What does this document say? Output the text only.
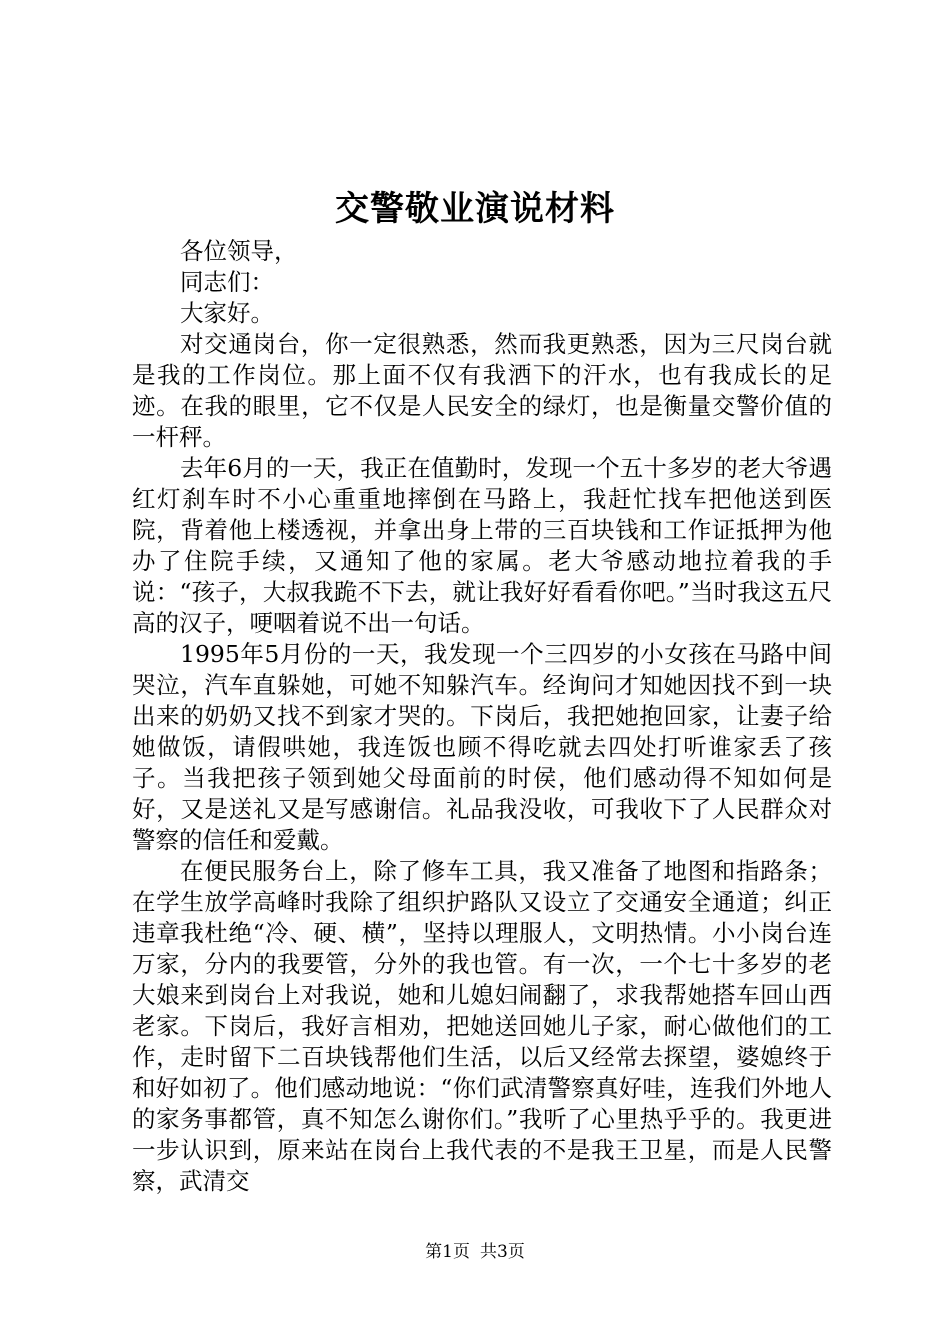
交警敬业演说材料

各位领导，

同志们：

大家好。

对交通岗台，你一定很熟悉，然而我更熟悉，因为三尺岗台就是我的工作岗位。那上面不仅有我洒下的汗水，也有我成长的足迹。在我的眼里，它不仅是人民安全的绿灯，也是衡量交警价值的一杆秤。

去年6月的一天，我正在值勤时，发现一个五十多岁的老大爷遇红灯刹车时不小心重重地摔倒在马路上，我赶忙找车把他送到医院，背着他上楼透视，并拿出身上带的三百块钱和工作证抵押为他办了住院手续，又通知了他的家属。老大爷感动地拉着我的手说：“孩子，大叔我跪不下去，就让我好好看看你吧。”当时我这五尺高的汉子，哽咽着说不出一句话。

1995年5月份的一天，我发现一个三四岁的小女孩在马路中间哭泣，汽车直躲她，可她不知躲汽车。经询问才知她因找不到一块出来的奶奶又找不到家才哭的。下岗后，我把她抱回家，让妻子给她做饭，请假哄她，我连饭也顾不得吃就去四处打听谁家丢了孩子。当我把孩子领到她父母面前的时侯，他们感动得不知如何是好，又是送礼又是写感谢信。礼品我没收，可我收下了人民群众对警察的信任和爱戴。

在便民服务台上，除了修车工具，我又准备了地图和指路条；在学生放学高峰时我除了组织护路队又设立了交通安全通道；纠正违章我杜绝“冷、硬、横”，坚持以理服人，文明热情。小小岗台连万家，分内的我要管，分外的我也管。有一次，一个七十多岁的老大娘来到岗台上对我说，她和儿媳妇闹翻了，求我帮她搭车回山西老家。下岗后，我好言相劝，把她送回她儿子家，耐心做他们的工作，走时留下二百块钱帮他们生活，以后又经常去探望，婆媳终于和好如初了。他们感动地说：“你们武清警察真好哇，连我们外地人的家务事都管，真不知怎么谢你们。”我听了心里热乎乎的。我更进一步认识到，原来站在岗台上我代表的不是我王卫星，而是人民警察，武清交

第1页 共3页
